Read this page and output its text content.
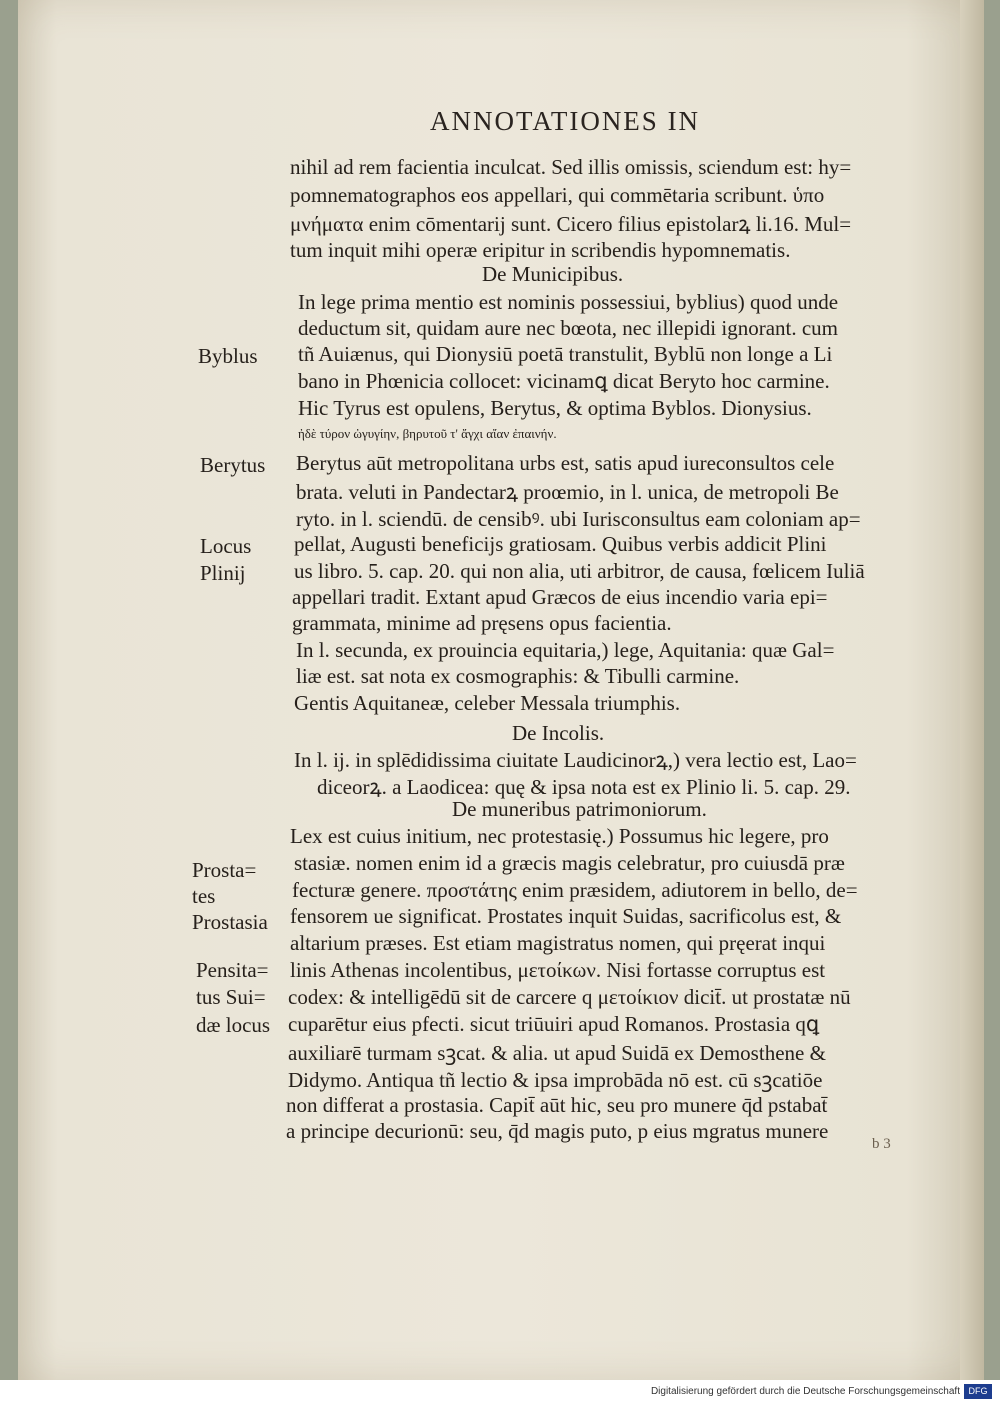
ANNOTATIONES IN
De Municipibus.
De Incolis.
De muneribus patrimoniorum.
nihil ad rem facientia inculcat. Sed illis omissis, sciendum est: hy=
pomnematographos eos appellari, qui commētaria scribunt. ὑπο
μνήματα enim cōmentarij sunt. Cicero filius epistolarꝝ li.16. Mul=
tum inquit mihi operæ eripitur in scribendis hypomnematis.
In lege prima mentio est nominis possessiui, byblius) quod unde
deductum sit, quidam aure nec bœota, nec illepidi ignorant. cum
tñ Auiænus, qui Dionysiū poetā transtulit, Byblū non longe a Li
bano in Phœnicia collocet: vicinamꝗ dicat Beryto hoc carmine.
Hic Tyrus est opulens, Berytus, & optima Byblos. Dionysius.
ἠδὲ τύρον ὠγυγίην, βηρυτοῦ τ' ἄγχι αἴαν ἐπαινήν.
Berytus aūt metropolitana urbs est, satis apud iureconsultos cele
brata. veluti in Pandectarꝝ proœmio, in l. unica, de metropoli Be
ryto. in l. sciendū. de censibꝰ. ubi Iurisconsultus eam coloniam ap=
pellat, Augusti beneficijs gratiosam. Quibus verbis addicit Plini
us libro. 5. cap. 20. qui non alia, uti arbitror, de causa, fœlicem Iuliā
appellari tradit. Extant apud Græcos de eius incendio varia epi=
grammata, minime ad pręsens opus facientia.
In l. secunda, ex prouincia equitaria,) lege, Aquitania: quæ Gal=
liæ est. sat nota ex cosmographis: & Tibulli carmine.
Gentis Aquitaneæ, celeber Messala triumphis.
In l. ij. in splēdidissima ciuitate Laudicinorꝝ,) vera lectio est, Lao=
diceorꝝ. a Laodicea: quę & ipsa nota est ex Plinio li. 5. cap. 29.
Lex est cuius initium, nec protestasię.) Possumus hic legere, pro
stasiæ. nomen enim id a græcis magis celebratur, pro cuiusdā præ
fecturæ genere. προστάτης enim præsidem, adiutorem in bello, de=
fensorem ue significat. Prostates inquit Suidas, sacrificolus est, &
altarium præses. Est etiam magistratus nomen, qui pręerat inqui
linis Athenas incolentibus, μετοίκων. Nisi fortasse corruptus est
codex: & intelligēdū sit de carcere q μετοίκιον dicit̄. ut prostatæ nū
cuparētur eius pfecti. sicut triūuiri apud Romanos. Prostasia qꝗ
auxiliarē turmam sꝫcat. & alia. ut apud Suidā ex Demosthene &
Didymo. Antiqua tñ lectio & ipsa improbāda nō est. cū sꝫcatiōe
non differat a prostasia. Capit̄ aūt hic, seu pro munere q̄d pstabat̄
a principe decurionū: seu, q̄d magis puto, p eius mgratus munere
Byblus
Berytus
Locus
Plinij
Prosta=
tes
Prostasia
Pensita=
tus Sui=
dæ locus
b 3
Digitalisierung gefördert durch die Deutsche Forschungsgemeinschaft DFG
